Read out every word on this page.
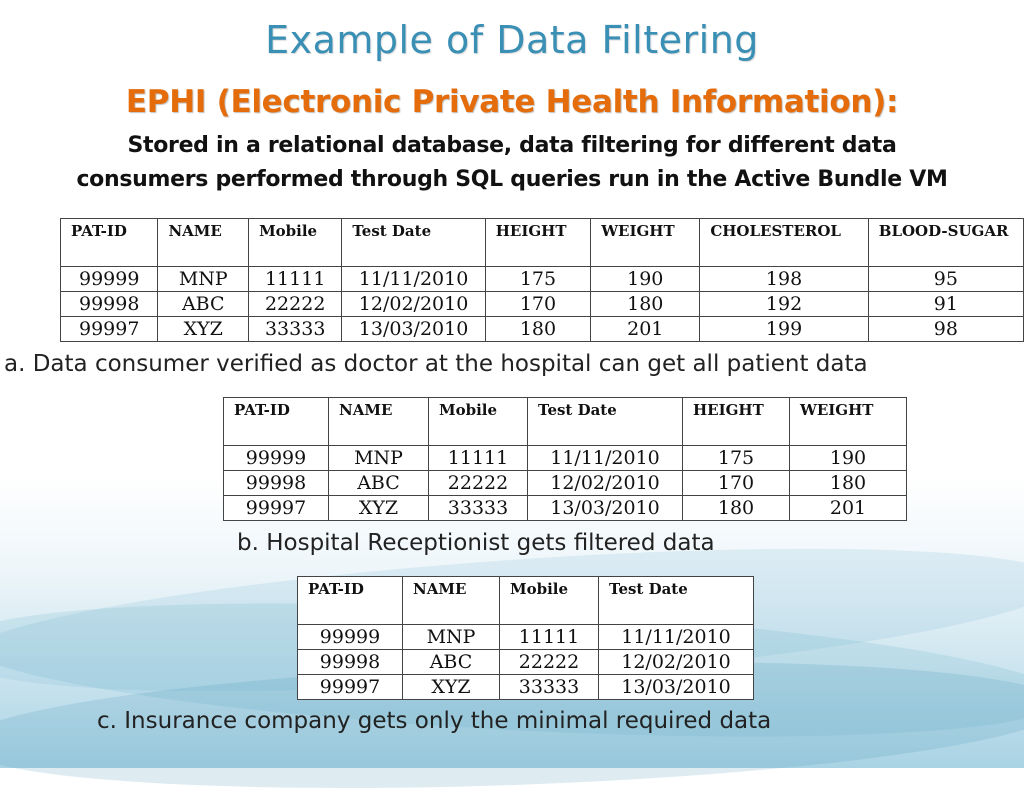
Example of Data Filtering
EPHI (Electronic Private Health Information):
Stored in a relational database, data filtering for different data
consumers performed through SQL queries run in the Active Bundle VM
PAT-ID	NAME	Mobile	Test Date	HEIGHT	WEIGHT	CHOLESTEROL	BLOOD-SUGAR
99999	MNP	11111	11/11/2010	175	190	198	95
99998	ABC	22222	12/02/2010	170	180	192	91
99997	XYZ	33333	13/03/2010	180	201	199	98
a. Data consumer verified as doctor at the hospital can get all patient data
PAT-ID	NAME	Mobile	Test Date	HEIGHT	WEIGHT
99999	MNP	11111	11/11/2010	175	190
99998	ABC	22222	12/02/2010	170	180
99997	XYZ	33333	13/03/2010	180	201
b. Hospital Receptionist gets filtered data
PAT-ID	NAME	Mobile	Test Date
99999	MNP	11111	11/11/2010
99998	ABC	22222	12/02/2010
99997	XYZ	33333	13/03/2010
c. Insurance company gets only the minimal required data
